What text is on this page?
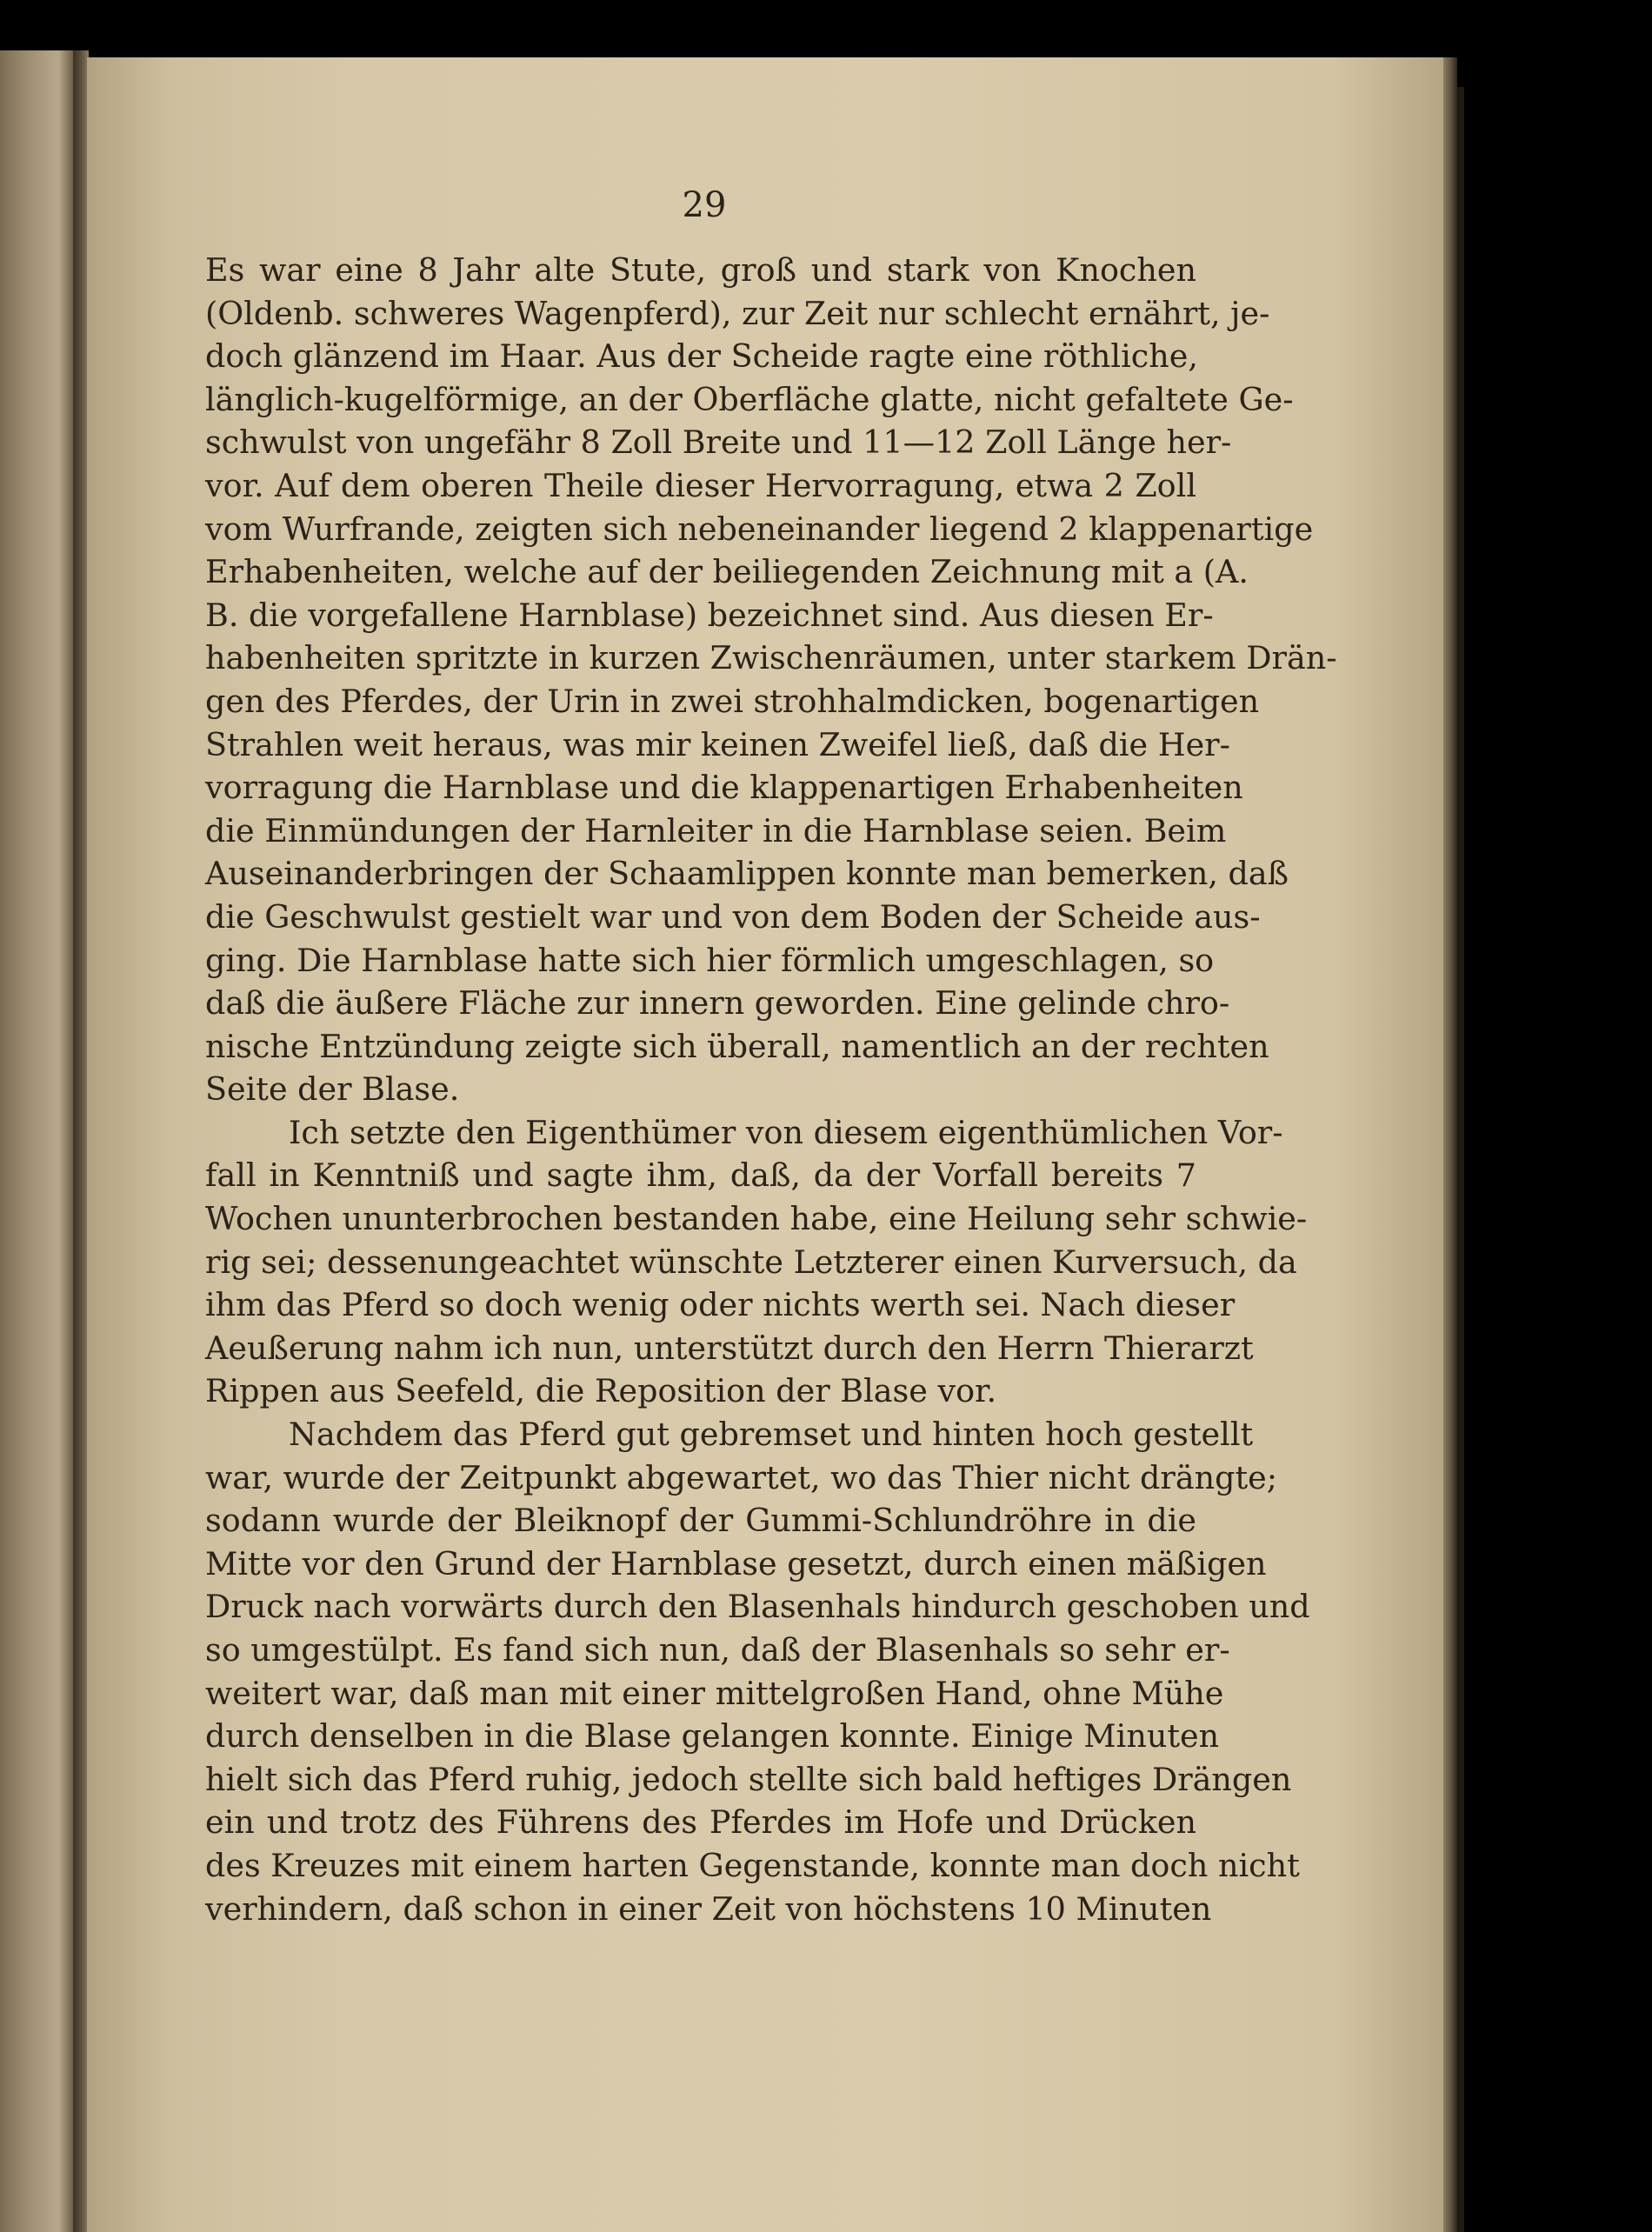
29
Es war eine 8 Jahr alte Stute, groß und stark von Knochen
(Oldenb. schweres Wagenpferd), zur Zeit nur schlecht ernährt, je-
doch glänzend im Haar. Aus der Scheide ragte eine röthliche,
länglich-kugelförmige, an der Oberfläche glatte, nicht gefaltete Ge-
schwulst von ungefähr 8 Zoll Breite und 11—12 Zoll Länge her-
vor. Auf dem oberen Theile dieser Hervorragung, etwa 2 Zoll
vom Wurfrande, zeigten sich nebeneinander liegend 2 klappenartige
Erhabenheiten, welche auf der beiliegenden Zeichnung mit a (A.
B. die vorgefallene Harnblase) bezeichnet sind. Aus diesen Er-
habenheiten spritzte in kurzen Zwischenräumen, unter starkem Drän-
gen des Pferdes, der Urin in zwei strohhalmdicken, bogenartigen
Strahlen weit heraus, was mir keinen Zweifel ließ, daß die Her-
vorragung die Harnblase und die klappenartigen Erhabenheiten
die Einmündungen der Harnleiter in die Harnblase seien. Beim
Auseinanderbringen der Schaamlippen konnte man bemerken, daß
die Geschwulst gestielt war und von dem Boden der Scheide aus-
ging. Die Harnblase hatte sich hier förmlich umgeschlagen, so
daß die äußere Fläche zur innern geworden. Eine gelinde chro-
nische Entzündung zeigte sich überall, namentlich an der rechten
Seite der Blase.
Ich setzte den Eigenthümer von diesem eigenthümlichen Vor-
fall in Kenntniß und sagte ihm, daß, da der Vorfall bereits 7
Wochen ununterbrochen bestanden habe, eine Heilung sehr schwie-
rig sei; dessenungeachtet wünschte Letzterer einen Kurversuch, da
ihm das Pferd so doch wenig oder nichts werth sei. Nach dieser
Aeußerung nahm ich nun, unterstützt durch den Herrn Thierarzt
Rippen aus Seefeld, die Reposition der Blase vor.
Nachdem das Pferd gut gebremset und hinten hoch gestellt
war, wurde der Zeitpunkt abgewartet, wo das Thier nicht drängte;
sodann wurde der Bleiknopf der Gummi-Schlundröhre in die
Mitte vor den Grund der Harnblase gesetzt, durch einen mäßigen
Druck nach vorwärts durch den Blasenhals hindurch geschoben und
so umgestülpt. Es fand sich nun, daß der Blasenhals so sehr er-
weitert war, daß man mit einer mittelgroßen Hand, ohne Mühe
durch denselben in die Blase gelangen konnte. Einige Minuten
hielt sich das Pferd ruhig, jedoch stellte sich bald heftiges Drängen
ein und trotz des Führens des Pferdes im Hofe und Drücken
des Kreuzes mit einem harten Gegenstande, konnte man doch nicht
verhindern, daß schon in einer Zeit von höchstens 10 Minuten
